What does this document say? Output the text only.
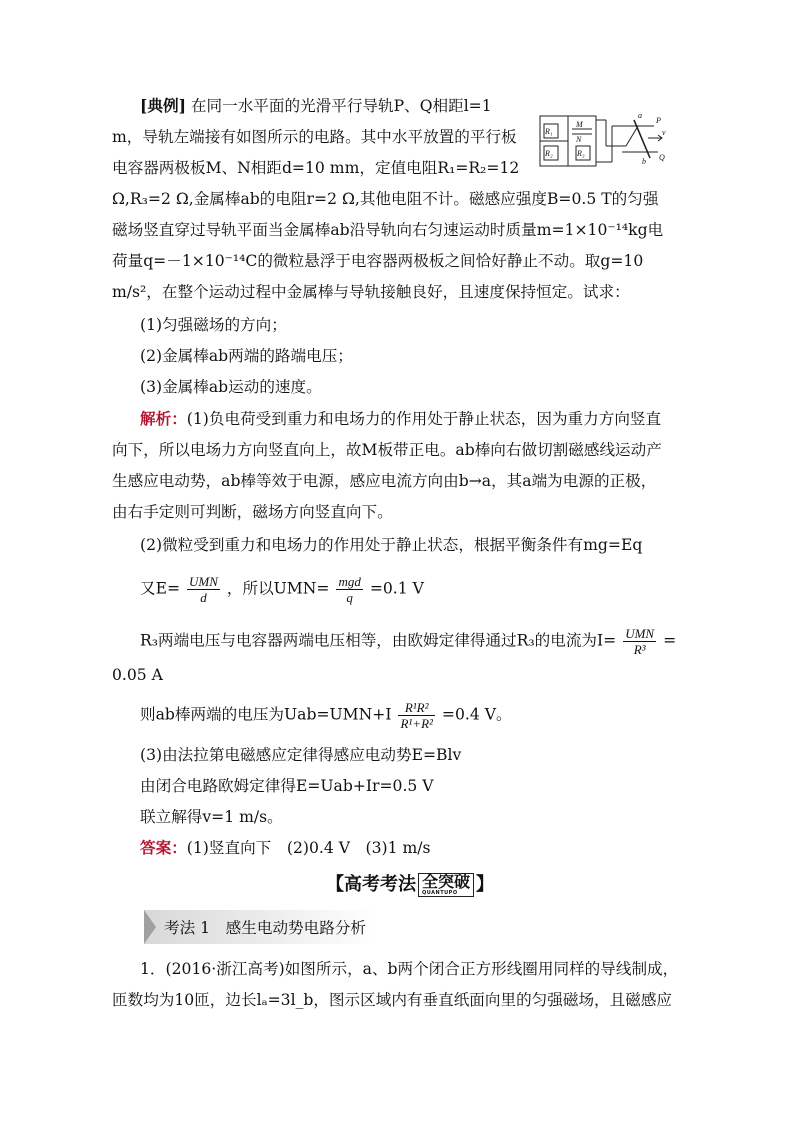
[典例] 在同一水平面的光滑平行导轨P、Q相距l=1
m，导轨左端接有如图所示的电路。其中水平放置的平行板
电容器两极板M、N相距d=10 mm，定值电阻R₁=R₂=12
Ω,R₃=2 Ω,金属棒ab的电阻r=2 Ω,其他电阻不计。磁感应强度B=0.5 T的匀强
磁场竖直穿过导轨平面当金属棒ab沿导轨向右匀速运动时质量m=1×10⁻¹⁴kg电
荷量q=－1×10⁻¹⁴C的微粒悬浮于电容器两极板之间恰好静止不动。取g=10
m/s²，在整个运动过程中金属棒与导轨接触良好，且速度保持恒定。试求：
(1)匀强磁场的方向；
(2)金属棒ab两端的路端电压；
(3)金属棒ab运动的速度。
R₁
R₂	R₃
M
N
a
P
b Q
v
解析：(1)负电荷受到重力和电场力的作用处于静止状态，因为重力方向竖直
向下，所以电场力方向竖直向上，故M板带正电。ab棒向右做切割磁感线运动产
生感应电动势，ab棒等效于电源，感应电流方向由b→a，其a端为电源的正极，
由右手定则可判断，磁场方向竖直向下。
(2)微粒受到重力和电场力的作用处于静止状态，根据平衡条件有mg=Eq
又$E= \frac{\text{UMN}}{d}$ ，所以$UMN= \frac{\text{mgd}}{q} =0.1$ V
R₃两端电压与电容器两端电压相等，由欧姆定律得通过R₃的电流为$I= \frac{\text{UMN}}{\text{R³}}$ =
0.05 A
则ab棒两端的电压为$Uab=UMN+I \frac{\text{R¹R²}}{\text{R¹+R²}} =0.4$ V。
(3)由法拉第电磁感应定律得感应电动势E=Blv
由闭合电路欧姆定律得E=Uab+Ir=0.5 V
联立解得v=1 m/s。
答案：(1)竖直向下　(2)0.4 V　(3)1 m/s
【高考考法 全突破
QUANTUPO	】
考法 1　感生电动势电路分析
1．(2016·浙江高考)如图所示，a、b两个闭合正方形线圈用同样的导线制成，
匝数均为10匝，边长lₐ=3l_b，图示区域内有垂直纸面向里的匀强磁场，且磁感应
